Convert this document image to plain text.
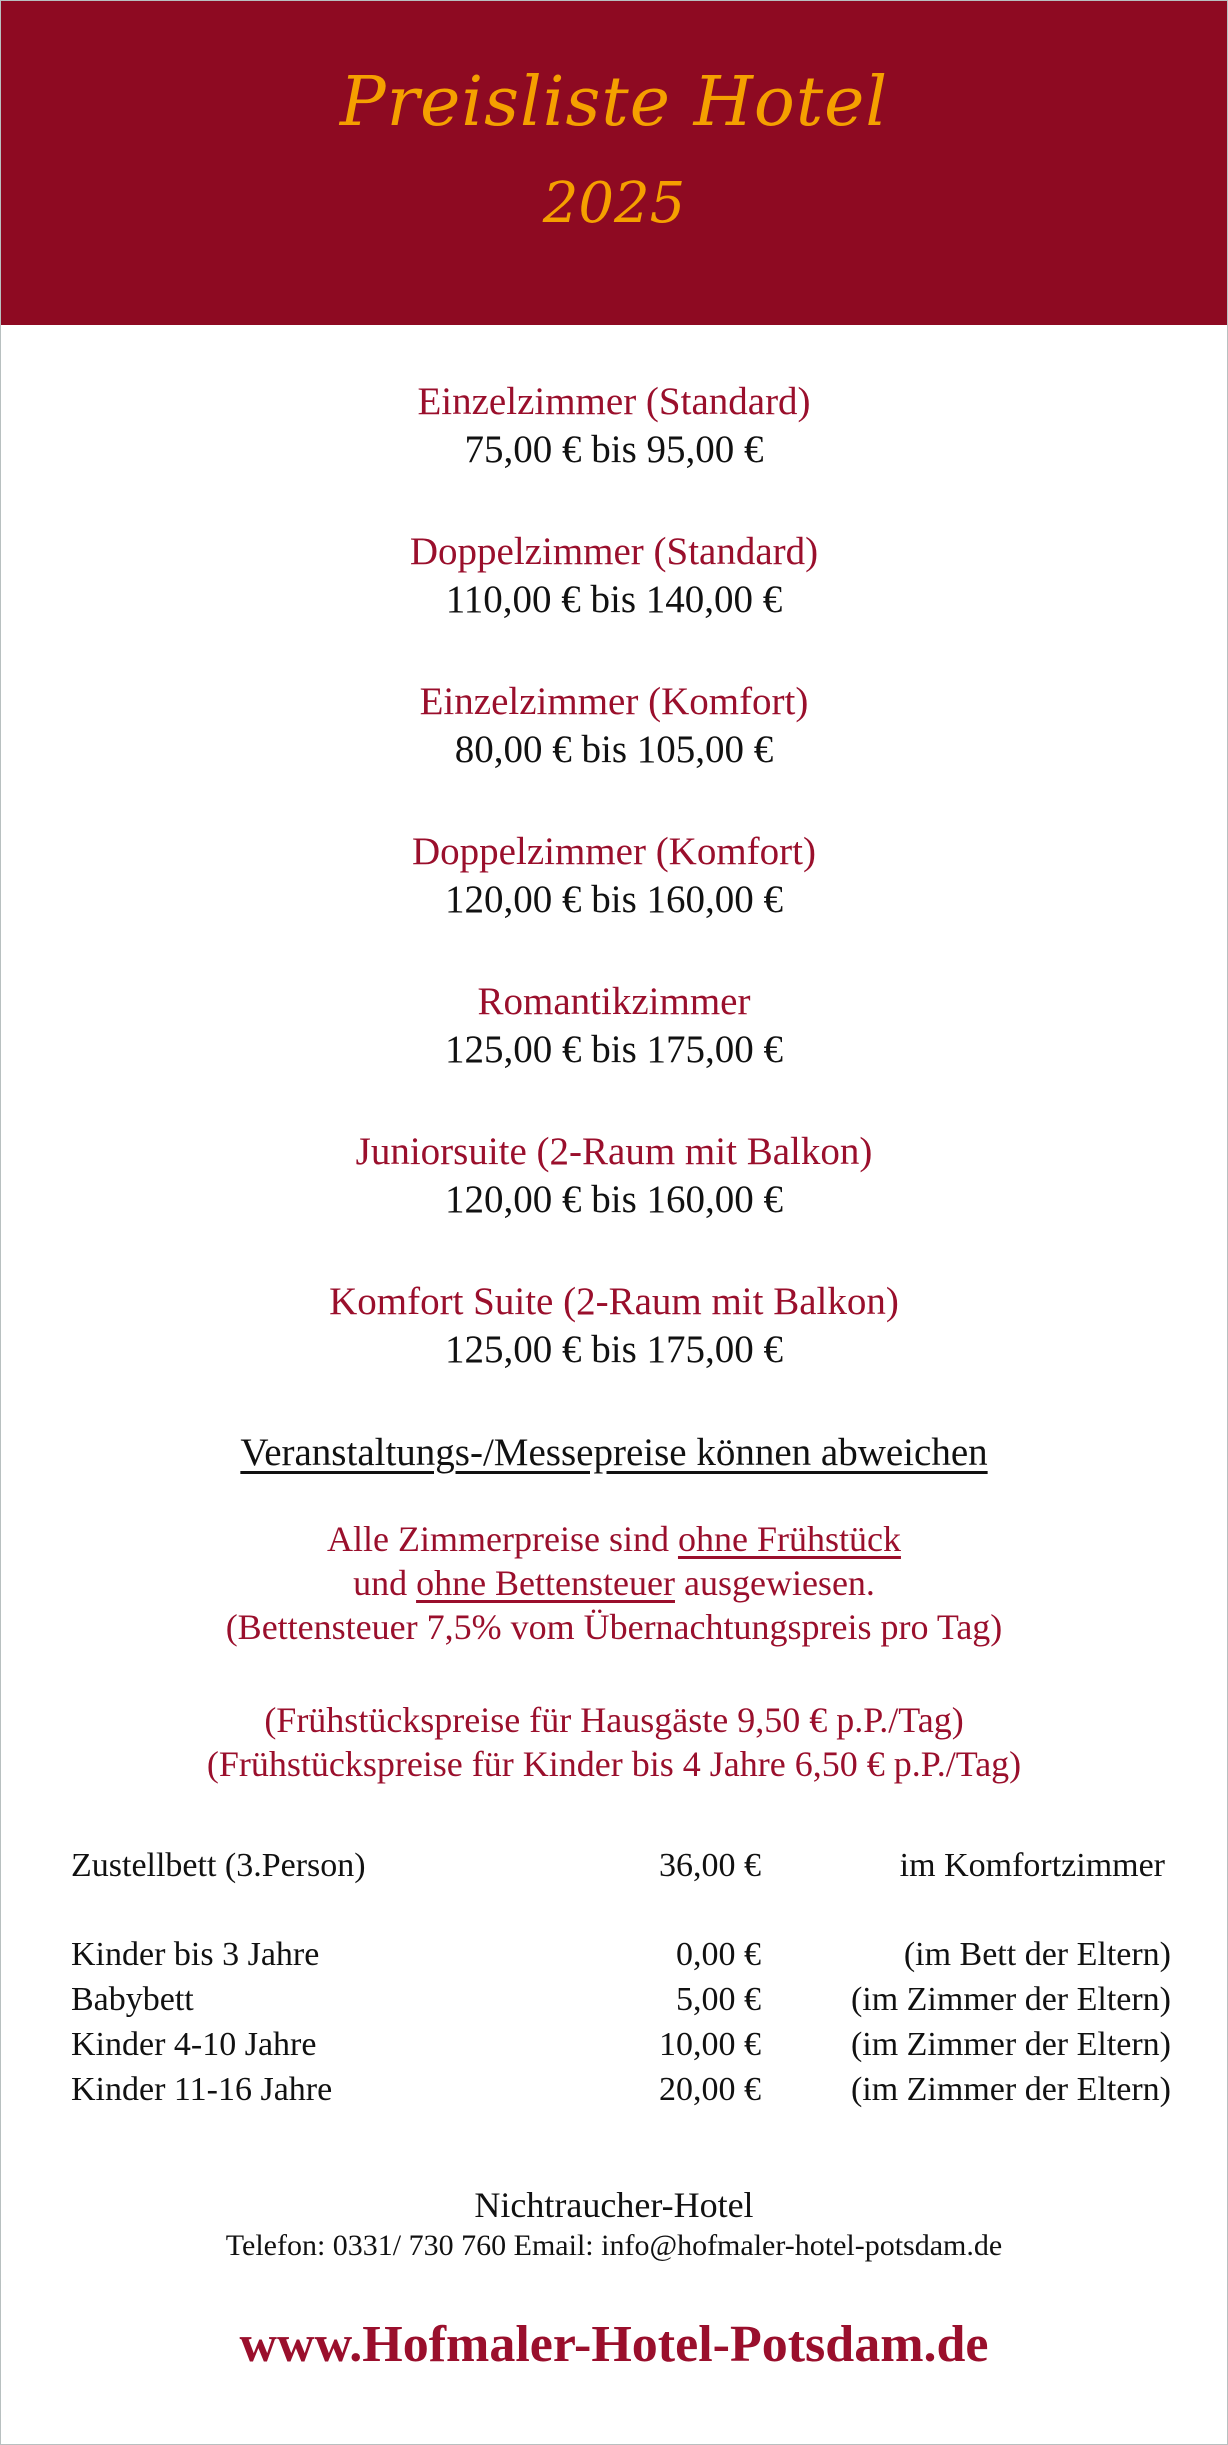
Preisliste Hotel
2025
Einzelzimmer (Standard)
75,00 € bis 95,00 €
Doppelzimmer (Standard)
110,00 € bis 140,00 €
Einzelzimmer (Komfort)
80,00 € bis 105,00 €
Doppelzimmer (Komfort)
120,00 € bis 160,00 €
Romantikzimmer
125,00 € bis 175,00 €
Juniorsuite (2-Raum mit Balkon)
120,00 € bis 160,00 €
Komfort Suite (2-Raum mit Balkon)
125,00 € bis 175,00 €
Veranstaltungs-/Messepreise können abweichen
Alle Zimmerpreise sind ohne Frühstück
und ohne Bettensteuer ausgewiesen.
(Bettensteuer 7,5% vom Übernachtungspreis pro Tag)
(Frühstückspreise für Hausgäste 9,50 € p.P./Tag)
(Frühstückspreise für Kinder bis 4 Jahre 6,50 € p.P./Tag)
Zustellbett (3.Person)	36,00 €	im Komfortzimmer
Kinder bis 3 Jahre	0,00 €	(im Bett der Eltern)
Babybett	5,00 €	(im Zimmer der Eltern)
Kinder 4-10 Jahre	10,00 €	(im Zimmer der Eltern)
Kinder 11-16 Jahre	20,00 €	(im Zimmer der Eltern)
Nichtraucher-Hotel
Telefon: 0331/ 730 760 Email: info@hofmaler-hotel-potsdam.de
www.Hofmaler-Hotel-Potsdam.de
